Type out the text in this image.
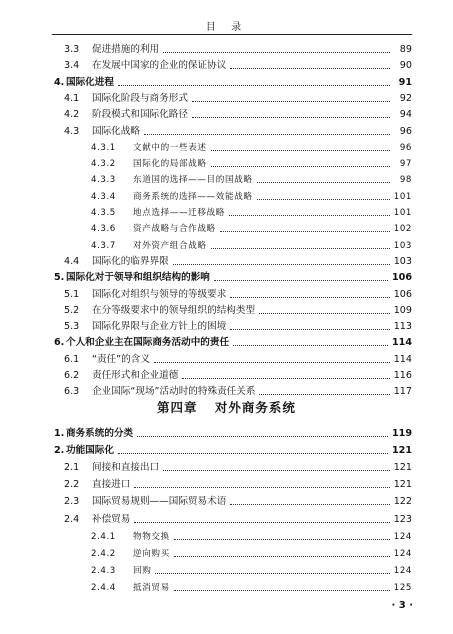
目 录
3.3	促进措施的利用	89
3.4	在发展中国家的企业的保证协议	90
4. 国际化进程	91
4.1	国际化阶段与商务形式	92
4.2	阶段模式和国际化路径	94
4.3	国际化战略	96
4.3.1	文献中的一些表述	96
4.3.2	国际化的局部战略	97
4.3.3	东道国的选择——目的国战略	98
4.3.4	商务系统的选择——效能战略	101
4.3.5	地点选择——迁移战略	101
4.3.6	资产战略与合作战略	102
4.3.7	对外资产组合战略	103
4.4	国际化的临界界限	103
5. 国际化对于领导和组织结构的影响	106
5.1	国际化对组织与领导的等级要求	106
5.2	在分等级要求中的领导组织的结构类型	109
5.3	国际化界限与企业方针上的困境	113
6. 个人和企业主在国际商务活动中的责任	114
6.1	“责任”的含义	114
6.2	责任形式和企业道德	116
6.3	企业国际“现场”活动时的特殊责任关系	117
第四章 对外商务系统
1. 商务系统的分类	119
2. 功能国际化	121
2.1	间接和直接出口	121
2.2	直接进口	121
2.3	国际贸易规则——国际贸易术语	122
2.4	补偿贸易	123
2.4.1	物物交换	124
2.4.2	逆向购买	124
2.4.3	回购	124
2.4.4	抵消贸易	125
· 3 ·
